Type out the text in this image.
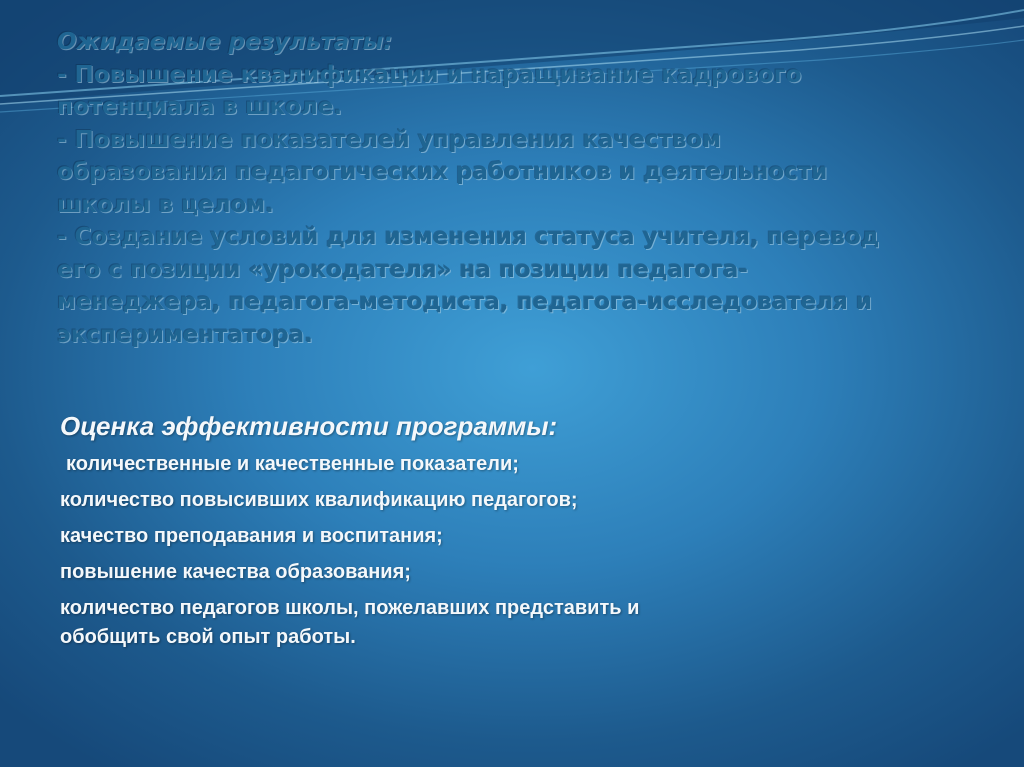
Ожидаемые результаты:
- Повышение квалификации и наращивание кадрового
потенциала в школе.
- Повышение показателей управления качеством
образования педагогических работников и деятельности
школы в целом.
- Создание условий для изменения статуса учителя, перевод
его с позиции «урокодателя» на позиции педагога-
менеджера, педагога-методиста, педагога-исследователя и
экспериментатора.

Оценка эффективности программы:

количественные и качественные показатели;
количество повысивших квалификацию педагогов;
качество преподавания и воспитания;
повышение качества образования;
количество педагогов школы, пожелавших представить и
обобщить свой опыт работы.
